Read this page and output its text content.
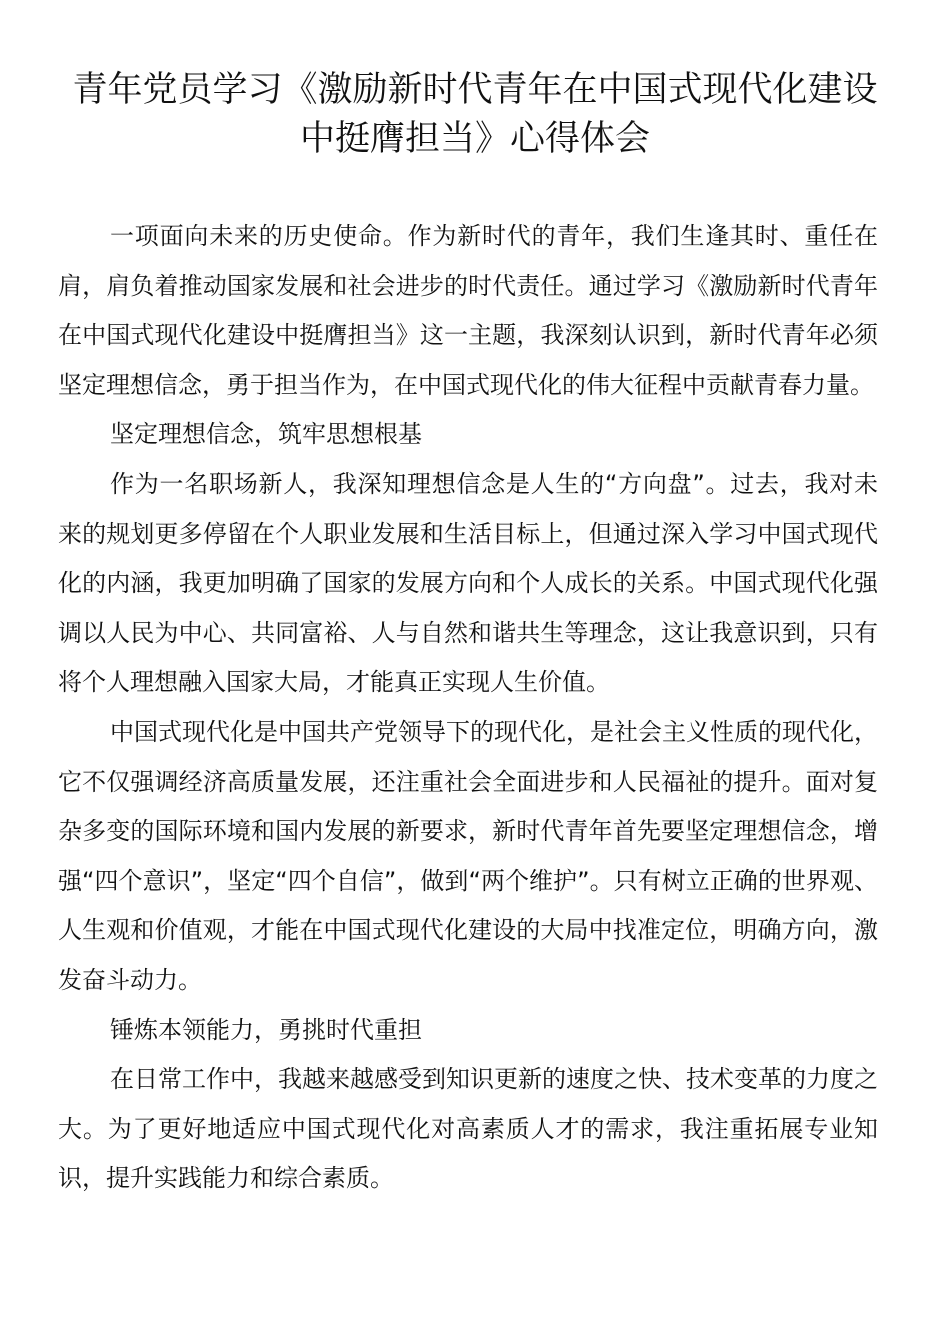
青年党员学习《激励新时代青年在中国式现代化建设
中挺膺担当》心得体会

一项面向未来的历史使命。作为新时代的青年，我们生逢其时、重任在肩，肩负着推动国家发展和社会进步的时代责任。通过学习《激励新时代青年在中国式现代化建设中挺膺担当》这一主题，我深刻认识到，新时代青年必须坚定理想信念，勇于担当作为，在中国式现代化的伟大征程中贡献青春力量。

坚定理想信念，筑牢思想根基

作为一名职场新人，我深知理想信念是人生的“方向盘”。过去，我对未来的规划更多停留在个人职业发展和生活目标上，但通过深入学习中国式现代化的内涵，我更加明确了国家的发展方向和个人成长的关系。中国式现代化强调以人民为中心、共同富裕、人与自然和谐共生等理念，这让我意识到，只有将个人理想融入国家大局，才能真正实现人生价值。

中国式现代化是中国共产党领导下的现代化，是社会主义性质的现代化，它不仅强调经济高质量发展，还注重社会全面进步和人民福祉的提升。面对复杂多变的国际环境和国内发展的新要求，新时代青年首先要坚定理想信念，增强“四个意识”，坚定“四个自信”，做到“两个维护”。只有树立正确的世界观、人生观和价值观，才能在中国式现代化建设的大局中找准定位，明确方向，激发奋斗动力。

锤炼本领能力，勇挑时代重担

在日常工作中，我越来越感受到知识更新的速度之快、技术变革的力度之大。为了更好地适应中国式现代化对高素质人才的需求，我注重拓展专业知识，提升实践能力和综合素质。
